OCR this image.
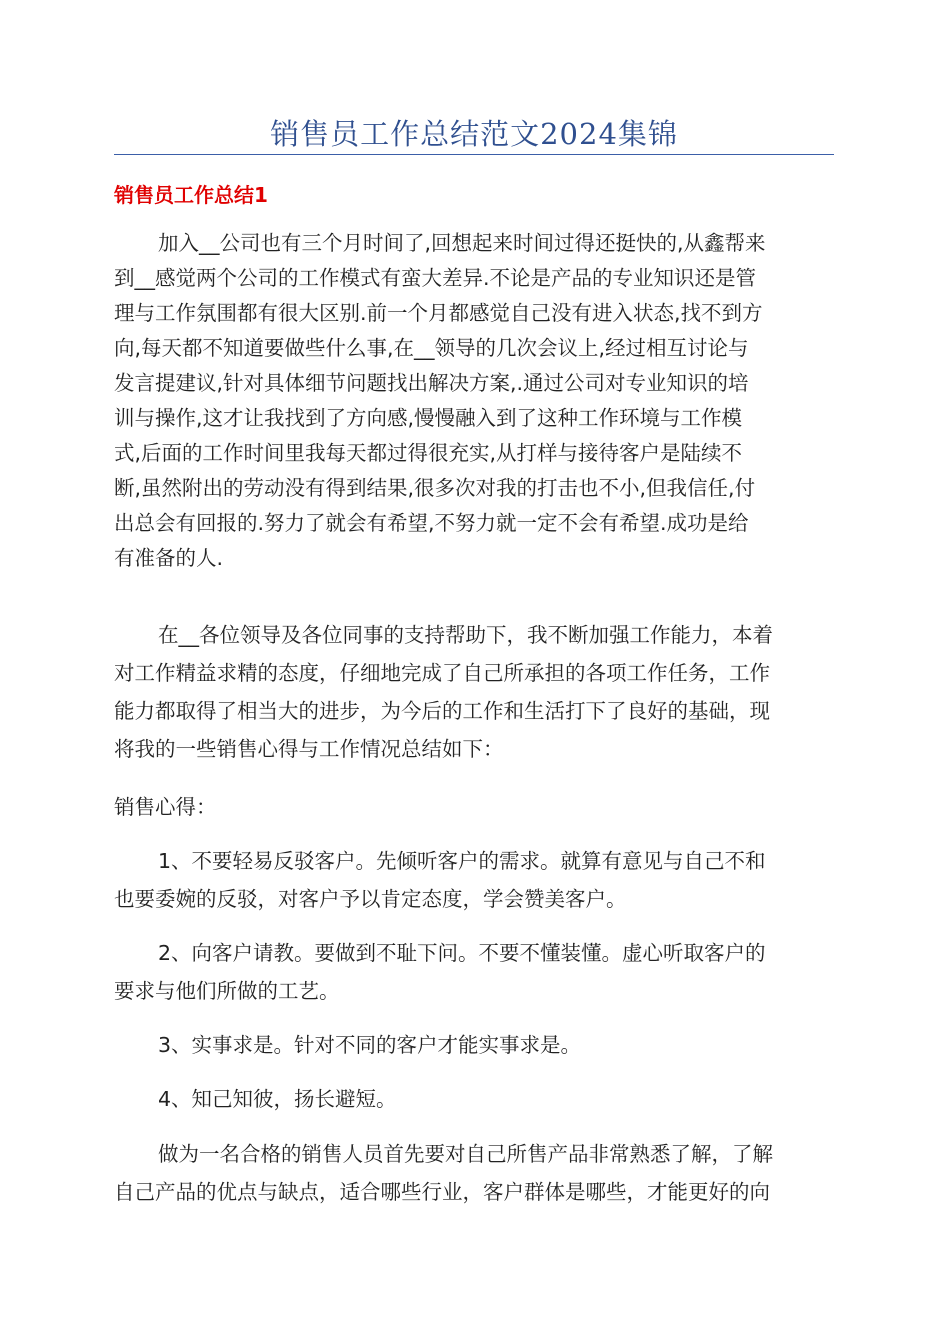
销售员工作总结范文2024集锦
销售员工作总结1
加入__公司也有三个月时间了,回想起来时间过得还挺快的,从鑫帮来
到__感觉两个公司的工作模式有蛮大差异.不论是产品的专业知识还是管
理与工作氛围都有很大区别.前一个月都感觉自己没有进入状态,找不到方
向,每天都不知道要做些什么事,在__领导的几次会议上,经过相互讨论与
发言提建议,针对具体细节问题找出解决方案,.通过公司对专业知识的培
训与操作,这才让我找到了方向感,慢慢融入到了这种工作环境与工作模
式,后面的工作时间里我每天都过得很充实,从打样与接待客户是陆续不
断,虽然附出的劳动没有得到结果,很多次对我的打击也不小,但我信任,付
出总会有回报的.努力了就会有希望,不努力就一定不会有希望.成功是给
有准备的人.
在__各位领导及各位同事的支持帮助下，我不断加强工作能力，本着
对工作精益求精的态度，仔细地完成了自己所承担的各项工作任务，工作
能力都取得了相当大的进步，为今后的工作和生活打下了良好的基础，现
将我的一些销售心得与工作情况总结如下：
销售心得：
1、不要轻易反驳客户。先倾听客户的需求。就算有意见与自己不和
也要委婉的反驳，对客户予以肯定态度，学会赞美客户。
2、向客户请教。要做到不耻下问。不要不懂装懂。虚心听取客户的
要求与他们所做的工艺。
3、实事求是。针对不同的客户才能实事求是。
4、知己知彼，扬长避短。
做为一名合格的销售人员首先要对自己所售产品非常熟悉了解，了解
自己产品的优点与缺点，适合哪些行业，客户群体是哪些，才能更好的向
